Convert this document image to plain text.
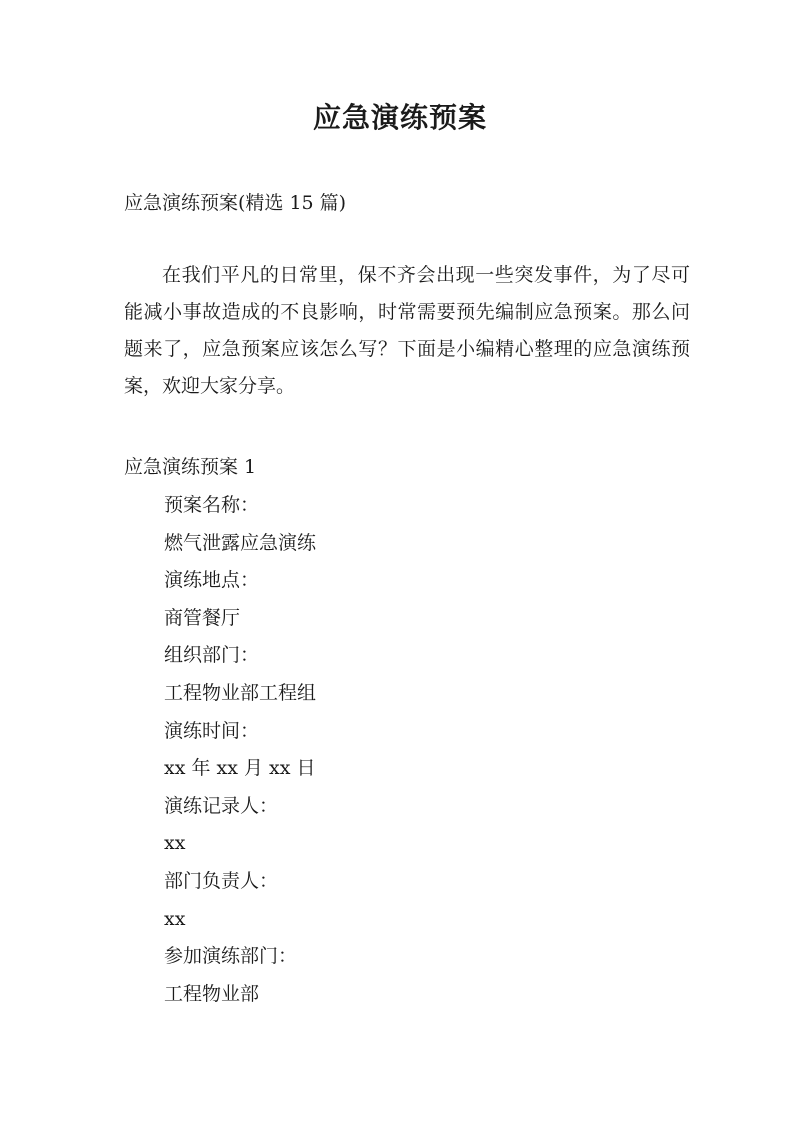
应急演练预案
应急演练预案(精选 15 篇)

在我们平凡的日常里，保不齐会出现一些突发事件，为了尽可能减小事故造成的不良影响，时常需要预先编制应急预案。那么问题来了，应急预案应该怎么写？下面是小编精心整理的应急演练预案，欢迎大家分享。

应急演练预案 1
预案名称：
燃气泄露应急演练
演练地点：
商管餐厅
组织部门：
工程物业部工程组
演练时间：
xx 年 xx 月 xx 日
演练记录人：
xx
部门负责人：
xx
参加演练部门：
工程物业部
